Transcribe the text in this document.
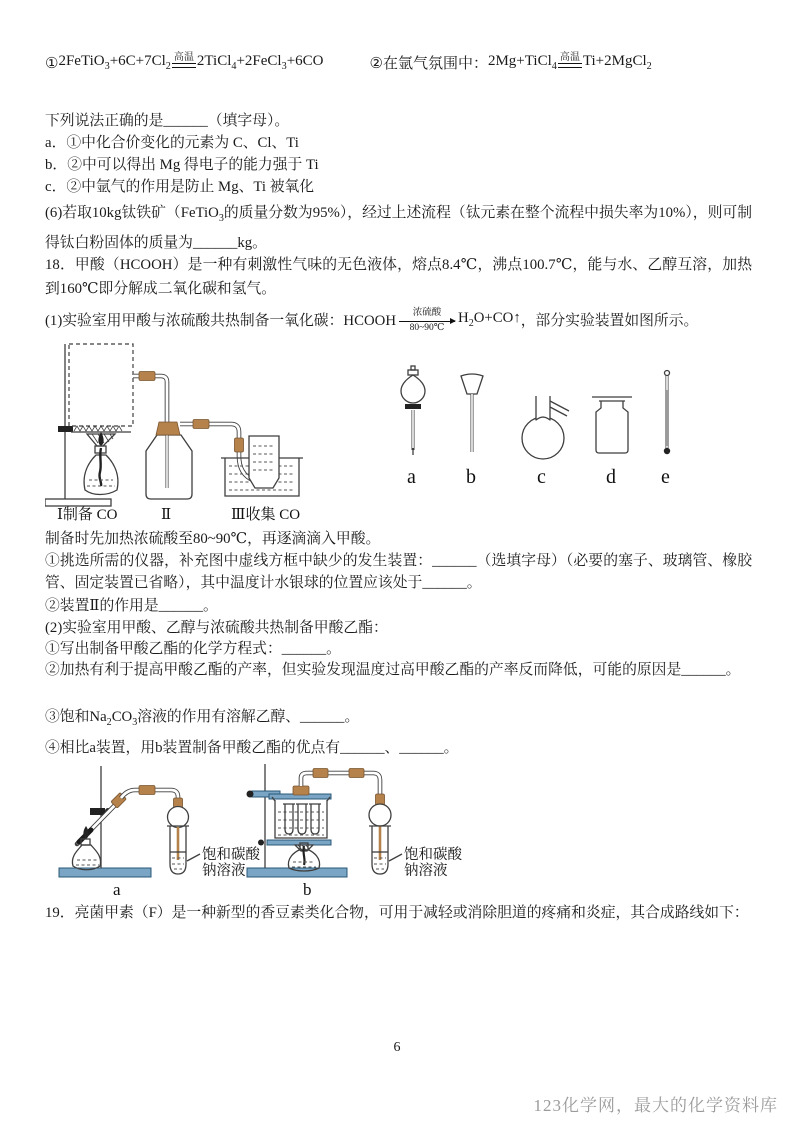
① $2FeTiO_3+6C+7Cl_2$
高温 2TiCl$_4$+2FeCl$_3$+6CO	② 在氩气氛围中： 2Mg+TiCl$_4$
高温 Ti+2MgCl$_2$
下列说法正确的是______（填字母）。
a．①中化合价变化的元素为 C、Cl、Ti
b．②中可以得出 Mg 得电子的能力强于 Ti
c．②中氩气的作用是防止 Mg、Ti 被氧化
(6)若取10kg钛铁矿（FeTiO$_3$的质量分数为95%），经过上述流程（钛元素在整个流程中损失率为10%），则可制得钛白粉固体的质量为______kg。
18．甲酸（HCOOH）是一种有刺激性气味的无色液体，熔点8.4℃，沸点100.7℃，能与水、乙醇互溶，加热到160℃即分解成二氧化碳和氢气。
(1)实验室用甲酸与浓硫酸共热制备一氧化碳： HCOOH 浓硫酸
80~90℃
$H_2O+CO↑$ ，部分实验装置如图所示。
Ⅰ制备 CO	Ⅱ	Ⅲ收集 CO
a	b	c	d e
制备时先加热浓硫酸至80~90℃，再逐滴滴入甲酸。
①挑选所需的仪器，补充图中虚线方框中缺少的发生装置：______（选填字母）（必要的塞子、玻璃管、橡胶管、固定装置已省略），其中温度计水银球的位置应该处于______。
②装置Ⅱ的作用是______。
(2)实验室用甲酸、乙醇与浓硫酸共热制备甲酸乙酯：
①写出制备甲酸乙酯的化学方程式：______。
②加热有利于提高甲酸乙酯的产率，但实验发现温度过高甲酸乙酯的产率反而降低，可能的原因是______。
③饱和$Na_2CO_3$溶液的作用有溶解乙醇、______。
④相比a装置，用b装置制备甲酸乙酯的优点有______、______。
饱和碳酸
钠溶液
a
饱和碳酸
钠溶液
b
19．亮菌甲素（F）是一种新型的香豆素类化合物，可用于减轻或消除胆道的疼痛和炎症，其合成路线如下：
6
123化学网，最大的化学资料库
